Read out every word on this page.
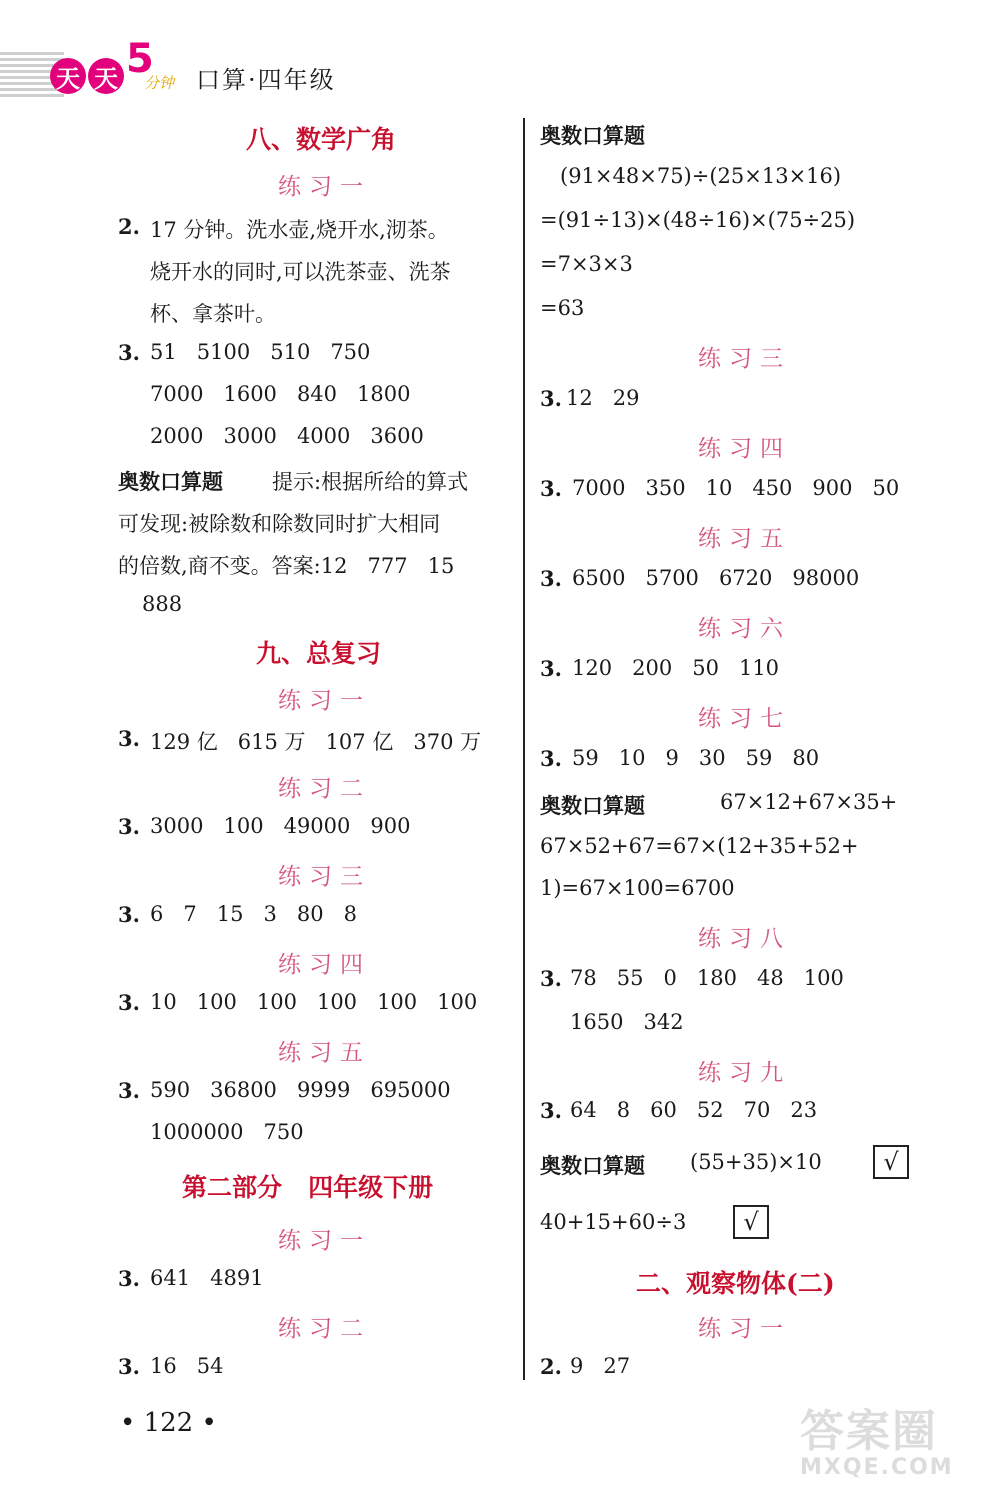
天 天 5
分钟 口算·四年级
八、数学广角
练习一
2. 17 分钟。洗水壶,烧开水,沏茶。
烧开水的同时,可以洗茶壶、洗茶
杯、拿茶叶。
3. 51   5100   510   750
7000   1600   840   1800
2000   3000   4000   3600
奥数口算题 提示:根据所给的算式
可发现:被除数和除数同时扩大相同
的倍数,商不变。答案:12   777   15
888
九、总复习
练习一
3. 129 亿   615 万   107 亿   370 万
练习二
3. 3000   100   49000   900
练习三
3. 6   7   15   3   80   8
练习四
3. 10   100   100   100   100   100
练习五
3. 590   36800   9999   695000
1000000   750
第二部分   四年级下册
练习一
3. 641   4891
练习二
3. 16   54
奥数口算题
(91×48×75)÷(25×13×16)
=(91÷13)×(48÷16)×(75÷25)
=7×3×3
=63
练习三
3. 12   29
练习四
3. 7000   350   10   450   900   50
练习五
3. 6500   5700   6720   98000
练习六
3. 120   200   50   110
练习七
3. 59   10   9   30   59   80
奥数口算题	67×12+67×35+
67×52+67=67×(12+35+52+
1)=67×100=6700
练习八
3. 78   55   0   180   48   100
1650   342
练习九
3. 64   8   60   52   70   23
奥数口算题 (55+35)×10	√
40+15+60÷3 √
二、观察物体(二)
练习一
2. 9   27
• 122 •	答案圈
MXQE.COM
